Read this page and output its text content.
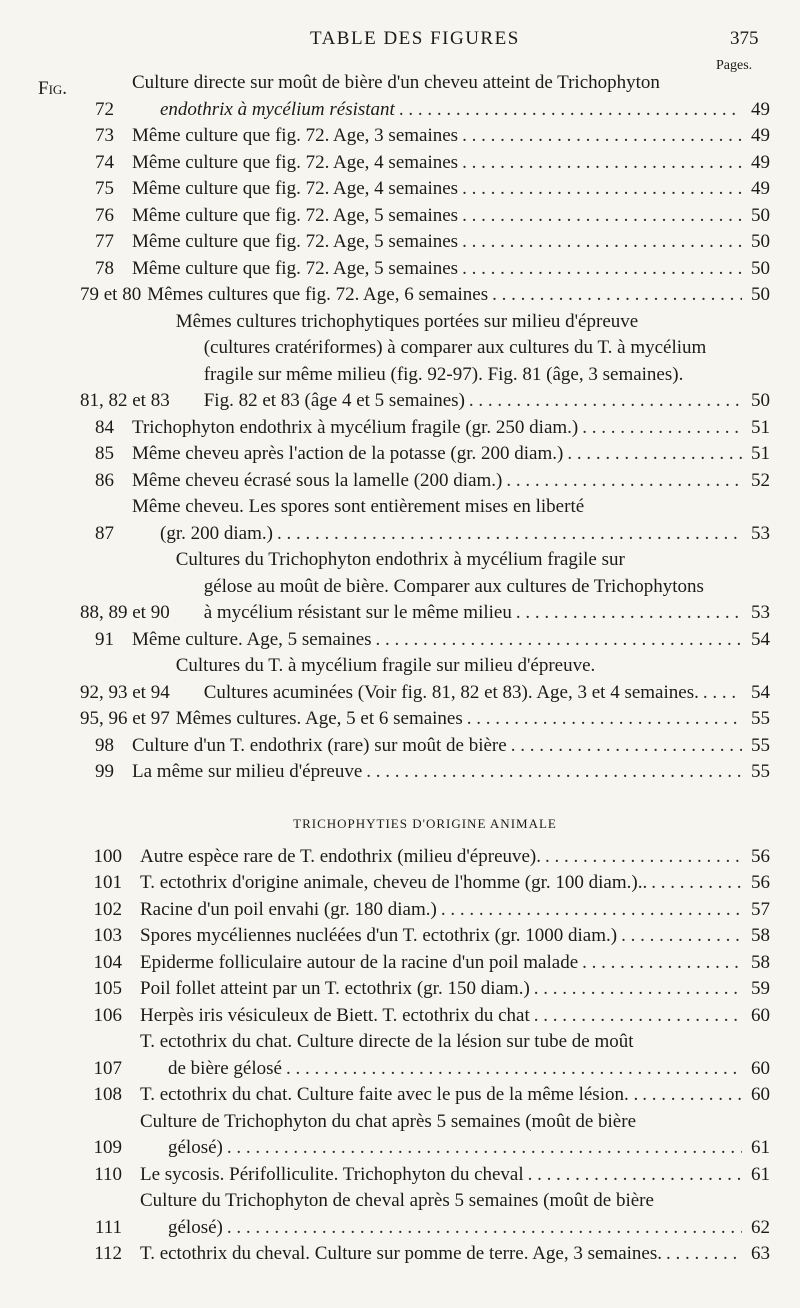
TABLE DES FIGURES	375
Pages.
Fig.
72
Culture directe sur moût de bière d'un cheveu atteint de Trichophyton
endothrix à mycélium résistant . . .	49
73 Même culture que fig. 72. Age, 3 semaines . . .	49
74 Même culture que fig. 72. Age, 4 semaines . . .	49
75 Même culture que fig. 72. Age, 4 semaines . . .	49
76 Même culture que fig. 72. Age, 5 semaines . . .	50
77 Même culture que fig. 72. Age, 5 semaines . . .	50
78 Même culture que fig. 72. Age, 5 semaines . . .	50
79 et 80 Mêmes cultures que fig. 72. Age, 6 semaines . . .	50
81, 82 et 83
Mêmes cultures trichophytiques portées sur milieu d'épreuve
(cultures cratériformes) à comparer aux cultures du T. à mycélium
fragile sur même milieu (fig. 92-97). Fig. 81 (âge, 3 semaines).
Fig. 82 et 83 (âge 4 et 5 semaines) . . .	50
84 Trichophyton endothrix à mycélium fragile (gr. 250 diam.) . . .	51
85 Même cheveu après l'action de la potasse (gr. 200 diam.) . . .	51
86 Même cheveu écrasé sous la lamelle (200 diam.) . . .	52
87
Même cheveu. Les spores sont entièrement mises en liberté
(gr. 200 diam.) . . .	53
88, 89 et 90
Cultures du Trichophyton endothrix à mycélium fragile sur
gélose au moût de bière. Comparer aux cultures de Trichophytons
à mycélium résistant sur le même milieu . . .	53
91 Même culture. Age, 5 semaines . . .	54
92, 93 et 94
Cultures du T. à mycélium fragile sur milieu d'épreuve.
Cultures acuminées (Voir fig. 81, 82 et 83). Age, 3 et 4 semaines. . . .	54
95, 96 et 97 Mêmes cultures. Age, 5 et 6 semaines . . .	55
98 Culture d'un T. endothrix (rare) sur moût de bière . . .	55
99 La même sur milieu d'épreuve . . .	55
TRICHOPHYTIES D'ORIGINE ANIMALE
100 Autre espèce rare de T. endothrix (milieu d'épreuve). . . .	56
101 T. ectothrix d'origine animale, cheveu de l'homme (gr. 100 diam.).. . . .	56
102 Racine d'un poil envahi (gr. 180 diam.) . . .	57
103 Spores mycéliennes nucléées d'un T. ectothrix (gr. 1000 diam.) . . .	58
104 Epiderme folliculaire autour de la racine d'un poil malade . . .	58
105 Poil follet atteint par un T. ectothrix (gr. 150 diam.) . . .	59
106 Herpès iris vésiculeux de Biett. T. ectothrix du chat . . .	60
107
T. ectothrix du chat. Culture directe de la lésion sur tube de moût
de bière gélosé . . .	60
108 T. ectothrix du chat. Culture faite avec le pus de la même lésion. . . . .	60
109
Culture de Trichophyton du chat après 5 semaines (moût de bière
gélosé) . . .	61
110 Le sycosis. Périfolliculite. Trichophyton du cheval . . .	61
111
Culture du Trichophyton de cheval après 5 semaines (moût de bière
gélosé) . . .	62
112 T. ectothrix du cheval. Culture sur pomme de terre. Age, 3 semaines. . . .	63
